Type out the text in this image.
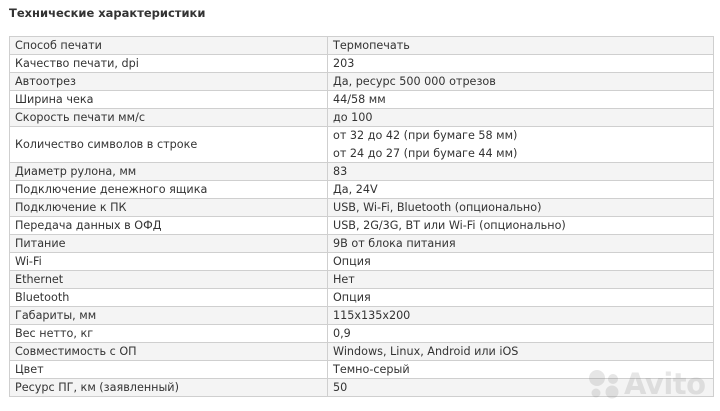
Технические характеристики
Способ печати	Термопечать
Качество печати, dpi	203
Автоотрез	Да, ресурс 500 000 отрезов
Ширина чека	44/58 мм
Скорость печати мм/с	до 100
Количество символов в строке	от 32 до 42 (при бумаге 58 мм)
от 24 до 27 (при бумаге 44 мм)

Диаметр рулона, мм	83
Подключение денежного ящика	Да, 24V
Подключение к ПК	USB, Wi-Fi, Bluetooth (опционально)
Передача данных в ОФД	USB, 2G/3G, BT или Wi-Fi (опционально)
Питание	9В от блока питания
Wi-Fi	Опция
Ethernet	Нет
Bluetooth	Опция
Габариты, мм	115x135x200
Вес нетто, кг	0,9
Совместимость с ОП	Windows, Linux, Android или iOS
Цвет	Темно-серый
Ресурс ПГ, км (заявленный)	50	Avito
